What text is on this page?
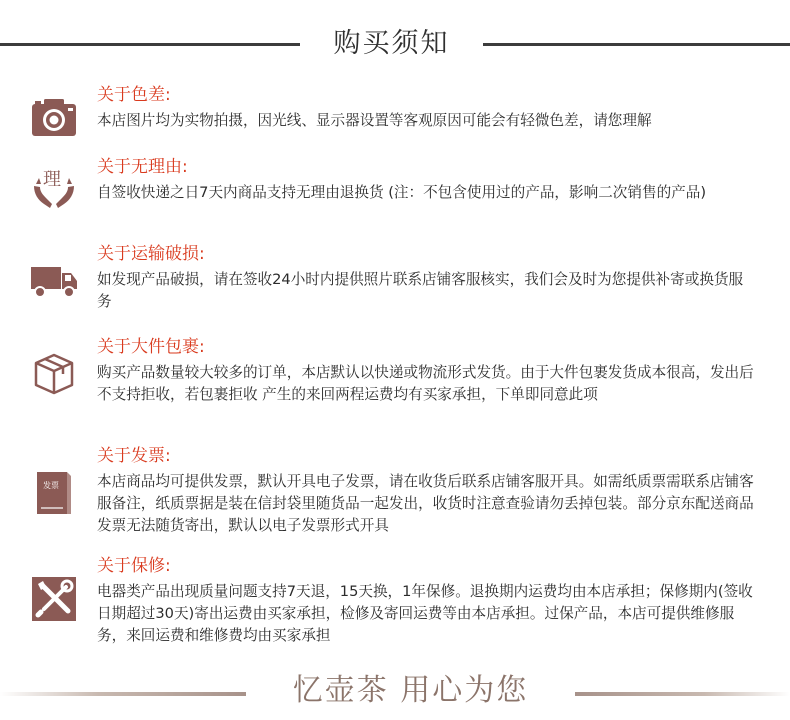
购买须知
关于色差:
本店图片均为实物拍摄，因光线、显示器设置等客观原因可能会有轻微色差，请您理解
理
关于无理由:
自签收快递之日7天内商品支持无理由退换货 (注：不包含使用过的产品，影响二次销售的产品)
关于运输破损:
如发现产品破损，请在签收24小时内提供照片联系店铺客服核实，我们会及时为您提供补寄或换货服务
关于大件包裹:
购买产品数量较大较多的订单，本店默认以快递或物流形式发货。由于大件包裹发货成本很高，发出后不支持拒收，若包裹拒收 产生的来回两程运费均有买家承担，下单即同意此项
发票
关于发票:
本店商品均可提供发票，默认开具电子发票，请在收货后联系店铺客服开具。如需纸质票需联系店铺客服备注，纸质票据是装在信封袋里随货品一起发出，收货时注意查验请勿丢掉包装。部分京东配送商品发票无法随货寄出，默认以电子发票形式开具
关于保修:
电器类产品出现质量问题支持7天退，15天换，1年保修。退换期内运费均由本店承担；保修期内(签收日期超过30天)寄出运费由买家承担，检修及寄回运费等由本店承担。过保产品，本店可提供维修服务，来回运费和维修费均由买家承担
忆壶茶 用心为您
